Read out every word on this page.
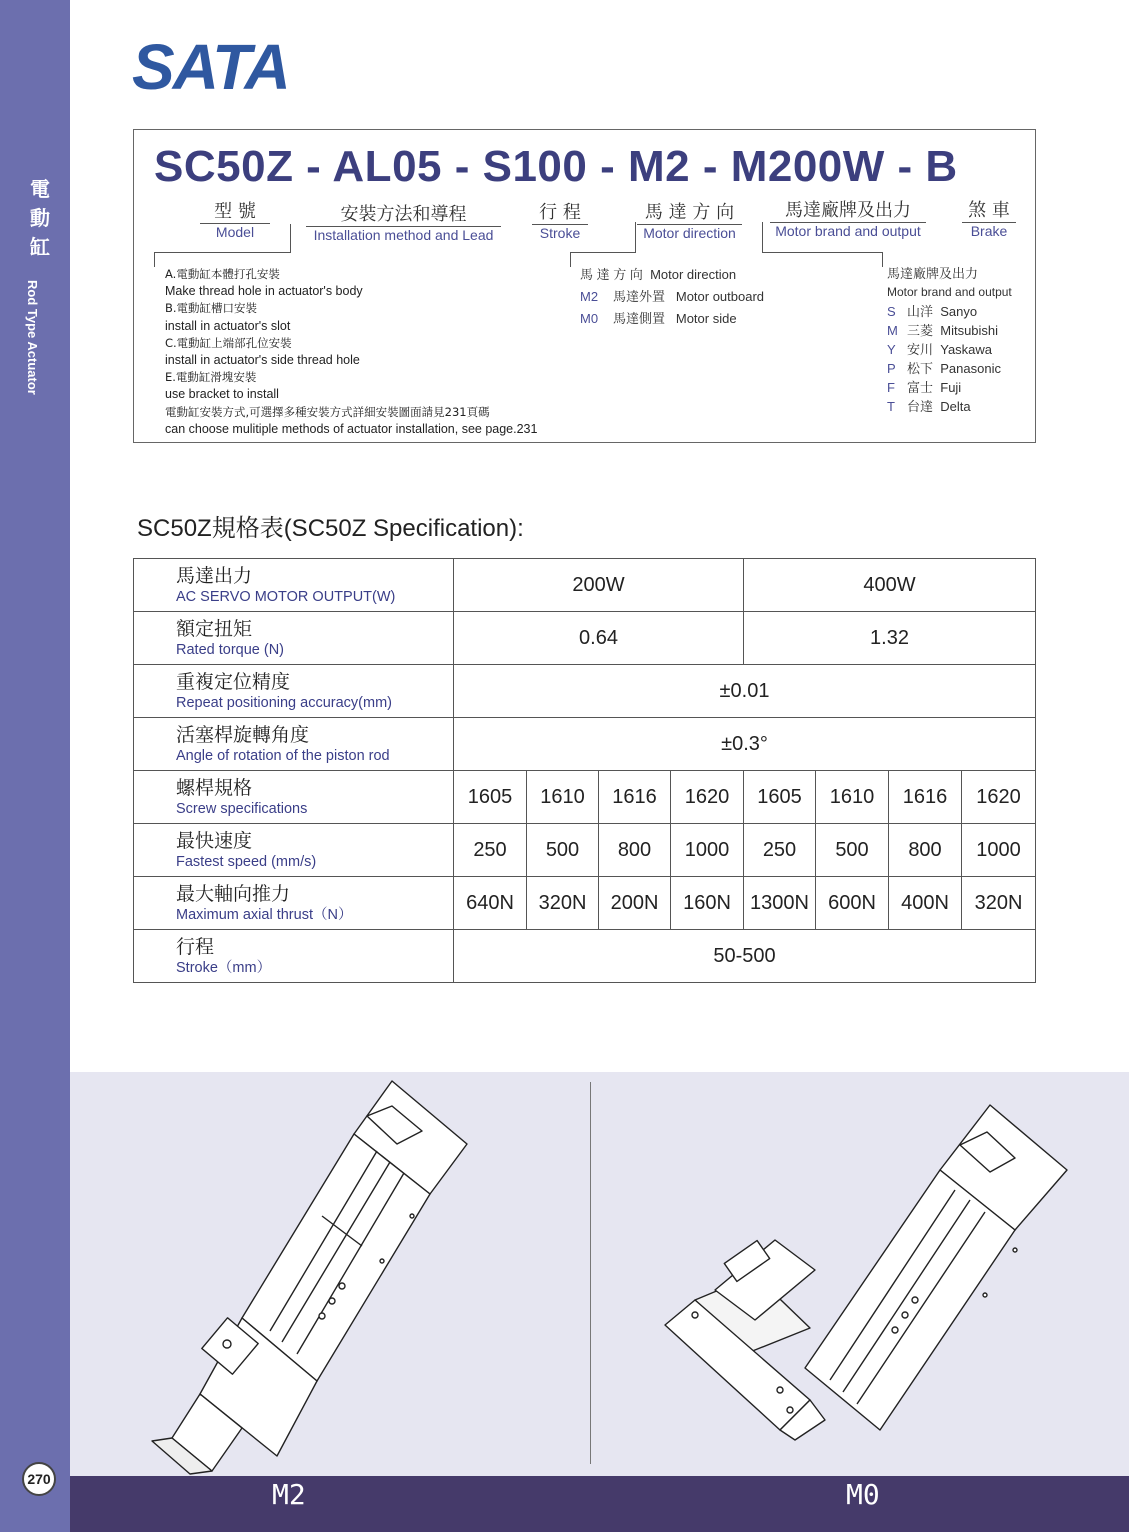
電
動
缸
Rod Type Actuator
270
SATA
SC50Z - AL05 - S100 - M2 - M200W - B
型 號
Model
安裝方法和導程
Installation method and Lead
行 程
Stroke
馬 達 方 向
Motor direction
馬達廠牌及出力
Motor brand and output
煞 車
Brake
A.電動缸本體打孔安裝
Make thread hole in actuator's body
B.電動缸槽口安裝
install in actuator's slot
C.電動缸上端部孔位安裝
install in actuator's side thread hole
E.電動缸滑塊安裝
use bracket to install
電動缸安裝方式,可選擇多種安裝方式詳細安裝圖面請見231頁碼
can choose mulitiple methods of actuator installation, see page.231
馬 達 方 向 Motor direction
M2 馬達外置 Motor outboard
M0 馬達側置 Motor side
馬達廠牌及出力
Motor brand and output
S 山洋 Sanyo
M 三菱 Mitsubishi
Y 安川 Yaskawa
P 松下 Panasonic
F 富士 Fuji
T 台達 Delta
SC50Z規格表(SC50Z Specification):
馬達出力
AC SERVO MOTOR OUTPUT(W)	200W				400W			

額定扭矩
Rated torque (N)	0.64				1.32			

重複定位精度
Repeat positioning accuracy(mm)	±0.01							

活塞桿旋轉角度
Angle of rotation of the piston rod	±0.3°							

螺桿規格
Screw specifications	1605	1610	1616	1620	1605	1610	1616	1620

最快速度
Fastest speed (mm/s)	250	500	800	1000	250	500	800	1000

最大軸向推力
Maximum axial thrust（N）	640N	320N	200N	160N	1300N	600N	400N	320N

行程
Stroke（mm）	50-500							
M2	M0
